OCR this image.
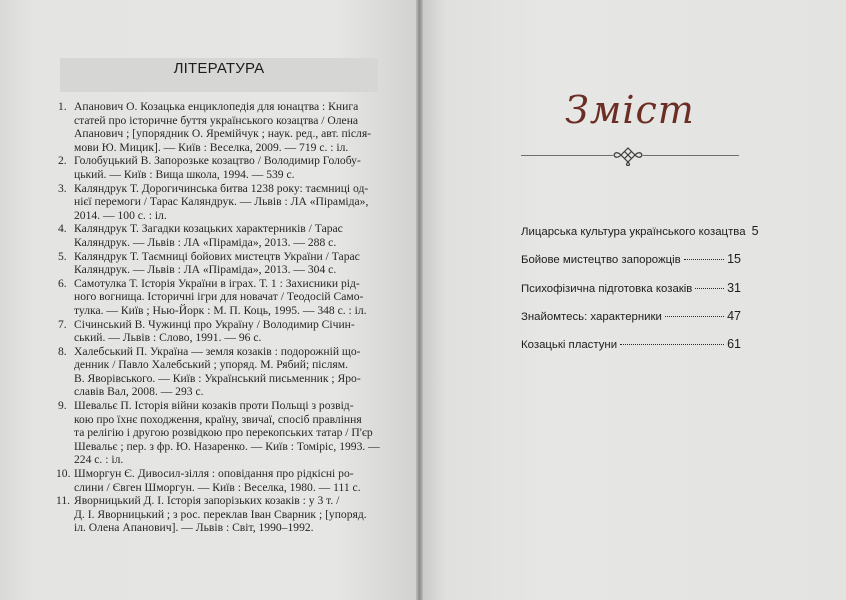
ЛІТЕРАТУРА
1. Апанович О. Козацька енциклопедія для юнацтва : Книга
статей про історичне буття українського козацтва / Олена
Апанович ; [упорядник О. Яремійчук ; наук. ред., авт. після-
мови Ю. Мицик]. — Київ : Веселка, 2009. — 719 с. : іл.
2. Голобуцький В. Запорозьке козацтво / Володимир Голобу-
цький. — Київ : Вища школа, 1994. — 539 с.
3. Каляндрук Т. Дорогичинська битва 1238 року: таємниці од-
нієї перемоги / Тарас Каляндрук. — Львів : ЛА «Піраміда»,
2014. — 100 с. : іл.
4. Каляндрук Т. Загадки козацьких характерників / Тарас
Каляндрук. — Львів : ЛА «Піраміда», 2013. — 288 с.
5. Каляндрук Т. Таємниці бойових мистецтв України / Тарас
Каляндрук. — Львів : ЛА «Піраміда», 2013. — 304 с.
6. Самотулка Т. Історія України в іграх. Т. 1 : Захисники рід-
ного вогнища. Історичні ігри для новачат / Теодосій Само-
тулка. — Київ ; Нью-Йорк : М. П. Коць, 1995. — 348 с. : іл.
7. Січинський В. Чужинці про Україну / Володимир Січин-
ський. — Львів : Слово, 1991. — 96 с.
8. Халебський П. Україна — земля козаків : подорожній що-
денник / Павло Халебський ; упоряд. М. Рябий; післям.
В. Яворівського. — Київ : Український письменник ; Яро-
славів Вал, 2008. — 293 с.
9. Шевальє П. Історія війни козаків проти Польщі з розвід-
кою про їхнє походження, країну, звичаї, спосіб правління
та релігію і другою розвідкою про перекопських татар / П'єр
Шевальє ; пер. з фр. Ю. Назаренко. — Київ : Томіріс, 1993. —
224 с. : іл.
10. Шморгун Є. Дивосил-зілля : оповідання про рідкісні ро-
слини / Євген Шморгун. — Київ : Веселка, 1980. — 111 с.
11. Яворницький Д. І. Історія запорізьких козаків : у 3 т. /
Д. І. Яворницький ; з рос. переклав Іван Сварник ; [упоряд.
іл. Олена Апанович]. — Львів : Світ, 1990–1992.
Зміст
Лицарська культура українського козацтва 5
Бойове мистецтво запорожців	15
Психофізична підготовка козаків	31
Знайомтесь: характерники	47
Козацькі пластуни	61
